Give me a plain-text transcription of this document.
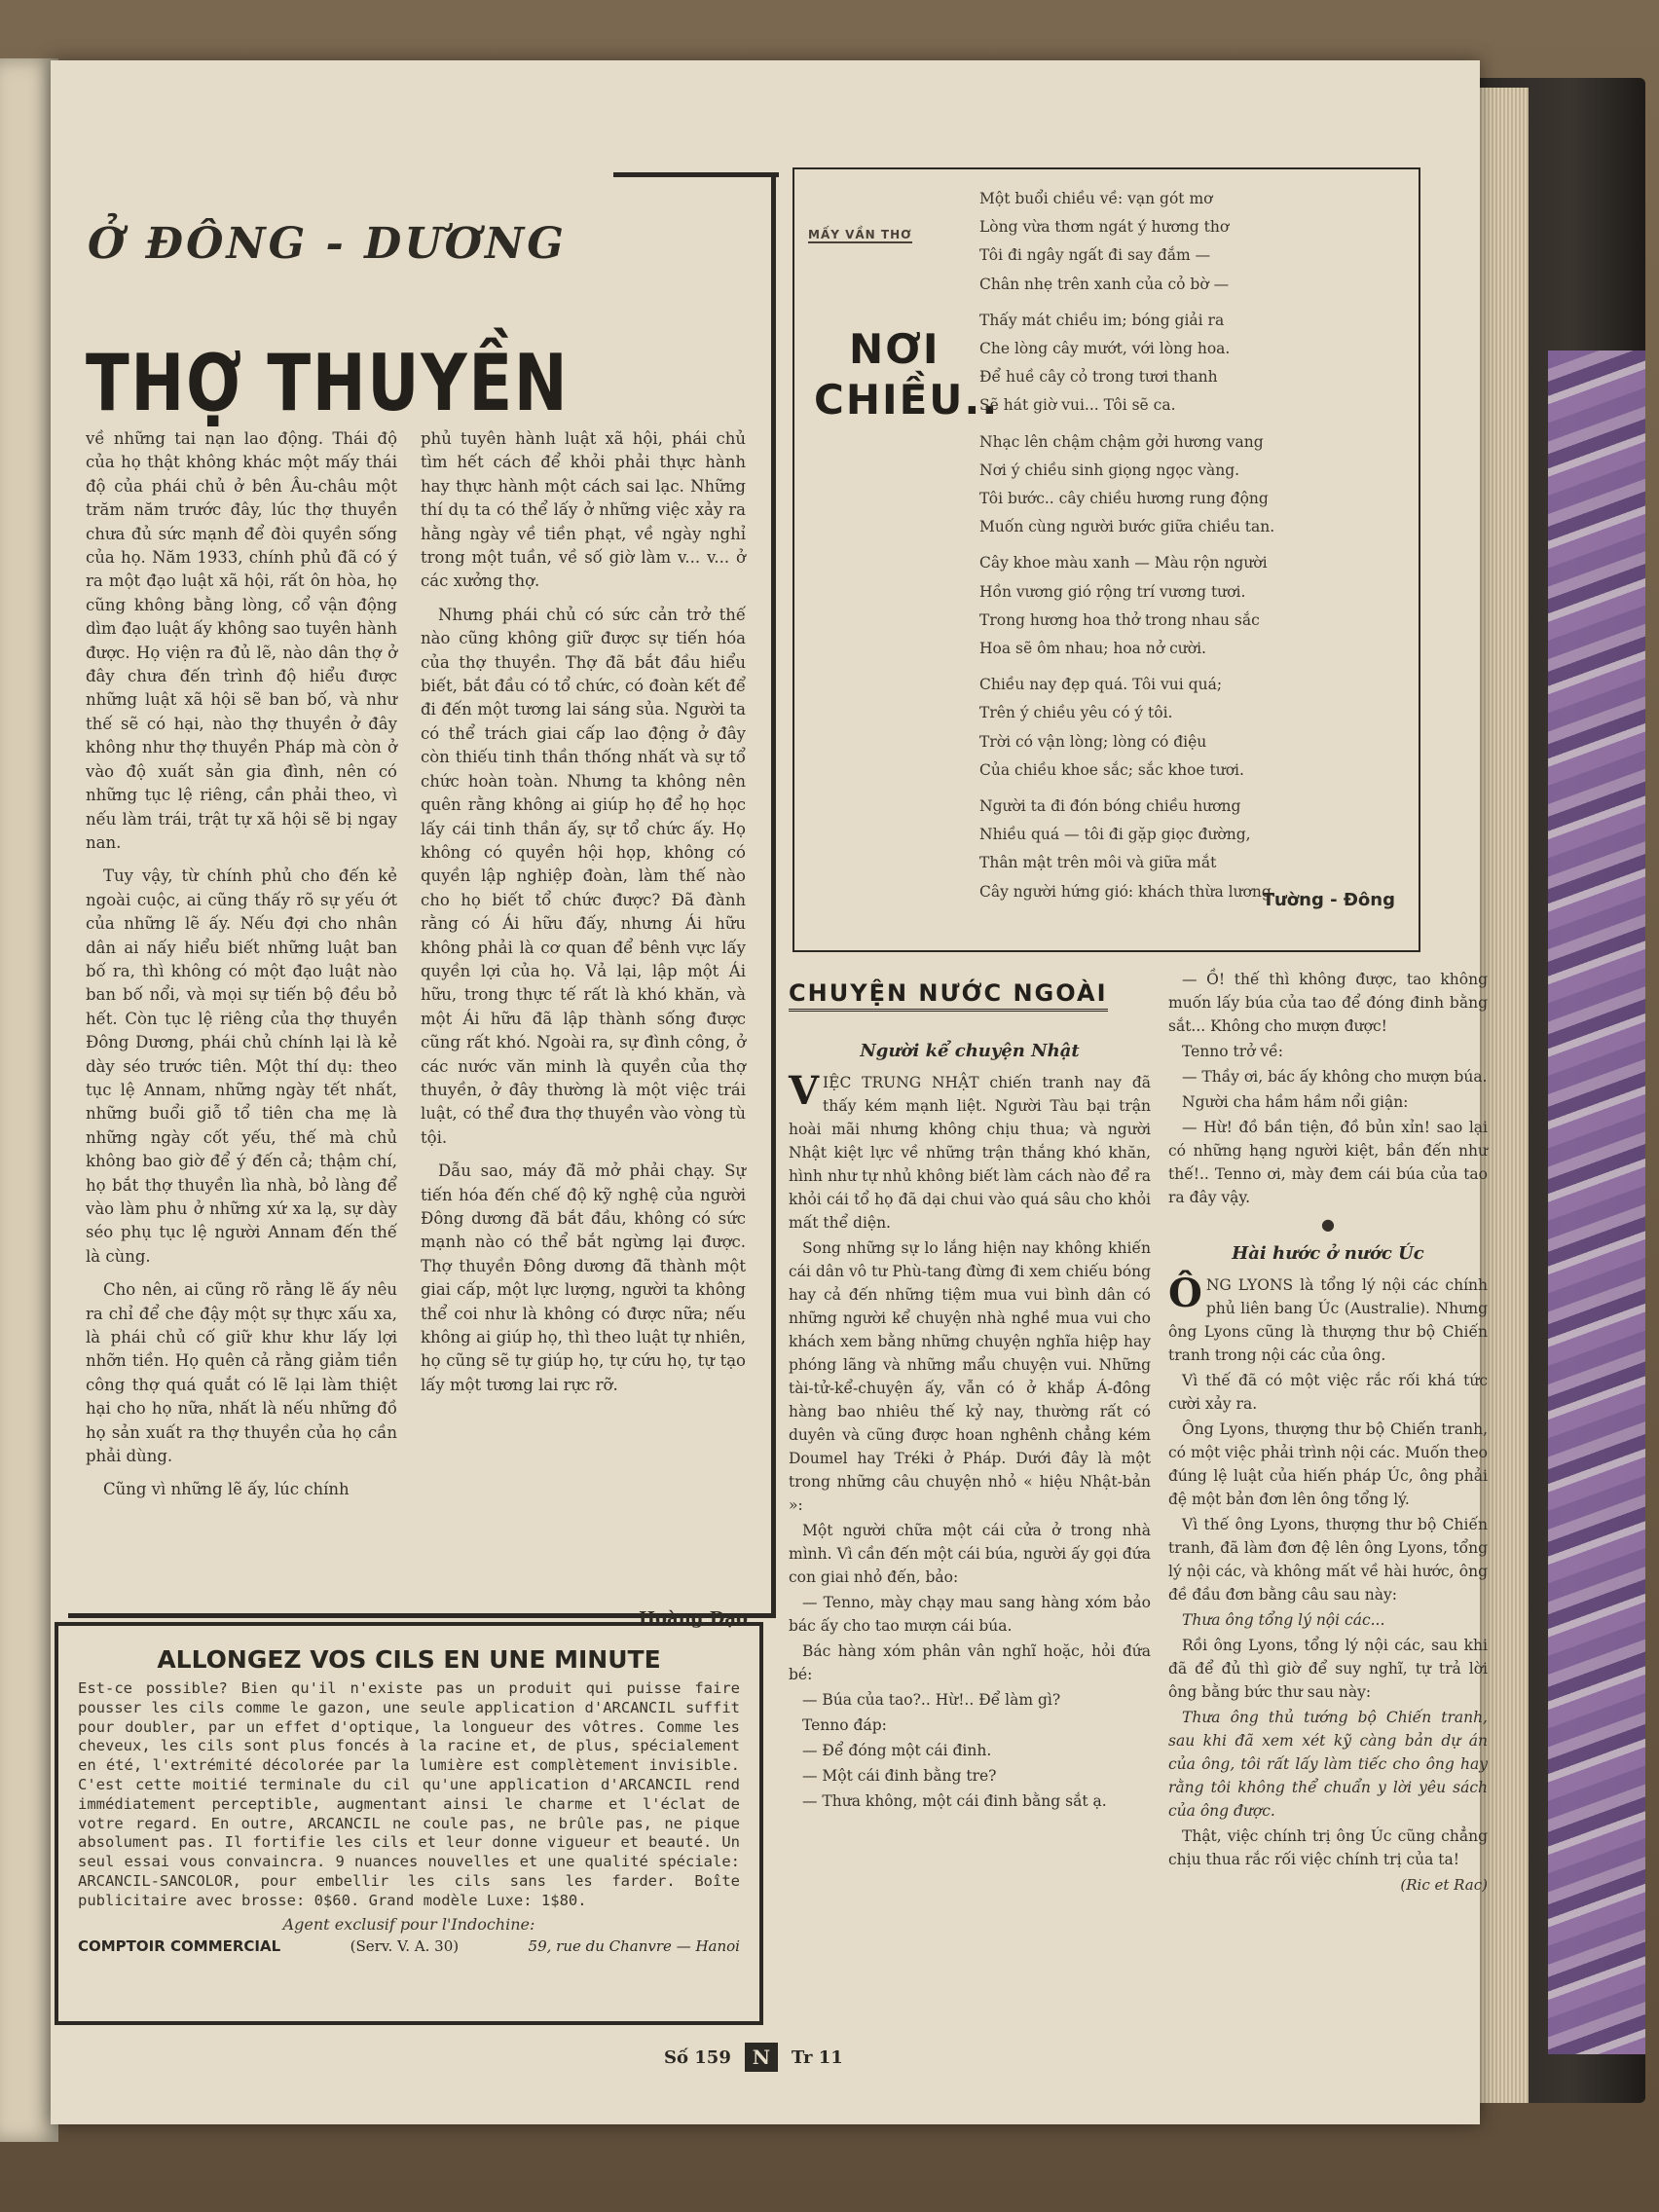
Ở ĐÔNG - DƯƠNG
THỢ THUYỀN

về những tai nạn lao động. Thái độ của họ thật không khác một mấy thái độ của phái chủ ở bên Âu-châu một trăm năm trước đây, lúc thợ thuyền chưa đủ sức mạnh để đòi quyền sống của họ. Năm 1933, chính phủ đã có ý ra một đạo luật xã hội, rất ôn hòa, họ cũng không bằng lòng, cổ vận động dìm đạo luật ấy không sao tuyên hành được. Họ viện ra đủ lẽ, nào dân thợ ở đây chưa đến trình độ hiểu được những luật xã hội sẽ ban bố, và như thế sẽ có hại, nào thợ thuyền ở đây không như thợ thuyền Pháp mà còn ở vào độ xuất sản gia đình, nên có những tục lệ riêng, cần phải theo, vì nếu làm trái, trật tự xã hội sẽ bị ngay nan.

Tuy vậy, từ chính phủ cho đến kẻ ngoài cuộc, ai cũng thấy rõ sự yếu ớt của những lẽ ấy. Nếu đợi cho nhân dân ai nấy hiểu biết những luật ban bố ra, thì không có một đạo luật nào ban bố nổi, và mọi sự tiến bộ đều bỏ hết. Còn tục lệ riêng của thợ thuyền Đông Dương, phái chủ chính lại là kẻ dày séo trước tiên. Một thí dụ: theo tục lệ Annam, những ngày tết nhất, những buổi giỗ tổ tiên cha mẹ là những ngày cốt yếu, thế mà chủ không bao giờ để ý đến cả; thậm chí, họ bắt thợ thuyền lìa nhà, bỏ làng để vào làm phu ở những xứ xa lạ, sự dày séo phụ tục lệ người Annam đến thế là cùng.

Cho nên, ai cũng rõ rằng lẽ ấy nêu ra chỉ để che đậy một sự thực xấu xa, là phái chủ cố giữ khư khư lấy lợi nhỡn tiền. Họ quên cả rằng giảm tiền công thợ quá quắt có lẽ lại làm thiệt hại cho họ nữa, nhất là nếu những đồ họ sản xuất ra thợ thuyền của họ cần phải dùng.

Cũng vì những lẽ ấy, lúc chính

phủ tuyên hành luật xã hội, phái chủ tìm hết cách để khỏi phải thực hành hay thực hành một cách sai lạc. Những thí dụ ta có thể lấy ở những việc xảy ra hằng ngày về tiền phạt, về ngày nghỉ trong một tuần, về số giờ làm v... v... ở các xưởng thợ.

Nhưng phái chủ có sức cản trở thế nào cũng không giữ được sự tiến hóa của thợ thuyền. Thợ đã bắt đầu hiểu biết, bắt đầu có tổ chức, có đoàn kết để đi đến một tương lai sáng sủa. Người ta có thể trách giai cấp lao động ở đây còn thiếu tinh thần thống nhất và sự tổ chức hoàn toàn. Nhưng ta không nên quên rằng không ai giúp họ để họ học lấy cái tinh thần ấy, sự tổ chức ấy. Họ không có quyền hội họp, không có quyền lập nghiệp đoàn, làm thế nào cho họ biết tổ chức được? Đã đành rằng có Ái hữu đấy, nhưng Ái hữu không phải là cơ quan để bênh vực lấy quyền lợi của họ. Vả lại, lập một Ái hữu, trong thực tế rất là khó khăn, và một Ái hữu đã lập thành sống được cũng rất khó. Ngoài ra, sự đình công, ở các nước văn minh là quyền của thợ thuyền, ở đây thường là một việc trái luật, có thể đưa thợ thuyền vào vòng tù tội.

Dẫu sao, máy đã mở phải chạy. Sự tiến hóa đến chế độ kỹ nghệ của người Đông dương đã bắt đầu, không có sức mạnh nào có thể bắt ngừng lại được. Thợ thuyền Đông dương đã thành một giai cấp, một lực lượng, người ta không thể coi như là không có được nữa; nếu không ai giúp họ, thì theo luật tự nhiên, họ cũng sẽ tự giúp họ, tự cứu họ, tự tạo lấy một tương lai rực rỡ.

Hoàng Đạo
ALLONGEZ VOS CILS EN UNE MINUTE
Est-ce possible? Bien qu'il n'existe pas un produit qui puisse faire pousser les cils comme le gazon, une seule application d'ARCANCIL suffit pour doubler, par un effet d'optique, la longueur des vôtres. Comme les cheveux, les cils sont plus foncés à la racine et, de plus, spécialement en été, l'extrémité décolorée par la lumière est complètement invisible. C'est cette moitié terminale du cil qu'une application d'ARCANCIL rend immédiatement perceptible, augmentant ainsi le charme et l'éclat de votre regard. En outre, ARCANCIL ne coule pas, ne brûle pas, ne pique absolument pas. Il fortifie les cils et leur donne vigueur et beauté. Un seul essai vous convaincra. 9 nuances nouvelles et une qualité spéciale: ARCANCIL-SANCOLOR, pour embellir les cils sans les farder. Boîte publicitaire avec brosse: 0$60. Grand modèle Luxe: 1$80.
Agent exclusif pour l'Indochine:
COMPTOIR COMMERCIAL	(Serv. V. A. 30)	59, rue du Chanvre — Hanoi
MẤY VẦN THƠ
NƠI
CHIỀU..
Một buổi chiều về: vạn gót mơ
Lòng vừa thơm ngát ý hương thơ
Tôi đi ngây ngất đi say đắm —
Chân nhẹ trên xanh của cỏ bờ —
Thấy mát chiều im; bóng giải ra
Che lòng cây mướt, với lòng hoa.
Để huề cây cỏ trong tươi thanh
Sẽ hát giờ vui... Tôi sẽ ca.
Nhạc lên chậm chậm gởi hương vang
Nơi ý chiều sinh giọng ngọc vàng.
Tôi bước.. cây chiều hương rung động
Muốn cùng người bước giữa chiều tan.
Cây khoe màu xanh — Màu rộn người
Hồn vương gió rộng trí vương tươi.
Trong hương hoa thở trong nhau sắc
Hoa sẽ ôm nhau; hoa nở cười.
Chiều nay đẹp quá. Tôi vui quá;
Trên ý chiều yêu có ý tôi.
Trời có vận lòng; lòng có điệu
Của chiều khoe sắc; sắc khoe tươi.
Người ta đi đón bóng chiều hương
Nhiều quá — tôi đi gặp giọc đường,
Thân mật trên môi và giữa mắt
Cây người hứng gió: khách thừa lương.
Tường - Đông
CHUYỆN NƯỚC NGOÀI
Người kể chuyện Nhật

VIỆC TRUNG NHẬT chiến tranh nay đã thấy kém mạnh liệt. Người Tàu bại trận hoài mãi nhưng không chịu thua; và người Nhật kiệt lực về những trận thắng khó khăn, hình như tự nhủ không biết làm cách nào để ra khỏi cái tổ họ đã dại chui vào quá sâu cho khỏi mất thể diện.

Song những sự lo lắng hiện nay không khiến cái dân vô tư Phù-tang đừng đi xem chiếu bóng hay cả đến những tiệm mua vui bình dân có những người kể chuyện nhà nghề mua vui cho khách xem bằng những chuyện nghĩa hiệp hay phóng lãng và những mẩu chuyện vui. Những tài-tử-kể-chuyện ấy, vẫn có ở khắp Á-đông hàng bao nhiêu thế kỷ nay, thường rất có duyên và cũng được hoan nghênh chẳng kém Doumel hay Tréki ở Pháp. Dưới đây là một trong những câu chuyện nhỏ « hiệu Nhật-bản »:

Một người chữa một cái cửa ở trong nhà mình. Vì cần đến một cái búa, người ấy gọi đứa con giai nhỏ đến, bảo:

— Tenno, mày chạy mau sang hàng xóm bảo bác ấy cho tao mượn cái búa.

Bác hàng xóm phân vân nghĩ hoặc, hỏi đứa bé:

— Búa của tao?.. Hừ!.. Để làm gì?

Tenno đáp:

— Để đóng một cái đinh.

— Một cái đinh bằng tre?

— Thưa không, một cái đinh bằng sắt ạ.

— Ồ! thế thì không được, tao không muốn lấy búa của tao để đóng đinh bằng sắt... Không cho mượn được!

Tenno trở về:

— Thầy ơi, bác ấy không cho mượn búa.

Người cha hầm hầm nổi giận:

— Hừ! đồ bần tiện, đồ bủn xỉn! sao lại có những hạng người kiệt, bần đến như thế!.. Tenno ơi, mày đem cái búa của tao ra đây vậy.

●
Hài hước ở nước Úc

ÔNG LYONS là tổng lý nội các chính phủ liên bang Úc (Australie). Nhưng ông Lyons cũng là thượng thư bộ Chiến tranh trong nội các của ông.

Vì thế đã có một việc rắc rối khá tức cười xảy ra.

Ông Lyons, thượng thư bộ Chiến tranh, có một việc phải trình nội các. Muốn theo đúng lệ luật của hiến pháp Úc, ông phải đệ một bản đơn lên ông tổng lý.

Vì thế ông Lyons, thượng thư bộ Chiến tranh, đã làm đơn đệ lên ông Lyons, tổng lý nội các, và không mất về hài hước, ông đề đầu đơn bằng câu sau này:

Thưa ông tổng lý nội các...

Rồi ông Lyons, tổng lý nội các, sau khi đã để đủ thì giờ để suy nghĩ, tự trả lời ông bằng bức thư sau này:

Thưa ông thủ tướng bộ Chiến tranh, sau khi đã xem xét kỹ càng bản dự án của ông, tôi rất lấy làm tiếc cho ông hay rằng tôi không thể chuẩn y lời yêu sách của ông được.

Thật, việc chính trị ông Úc cũng chẳng chịu thua rắc rối việc chính trị của ta!

(Ric et Rac)
Số 159	N	Tr 11
